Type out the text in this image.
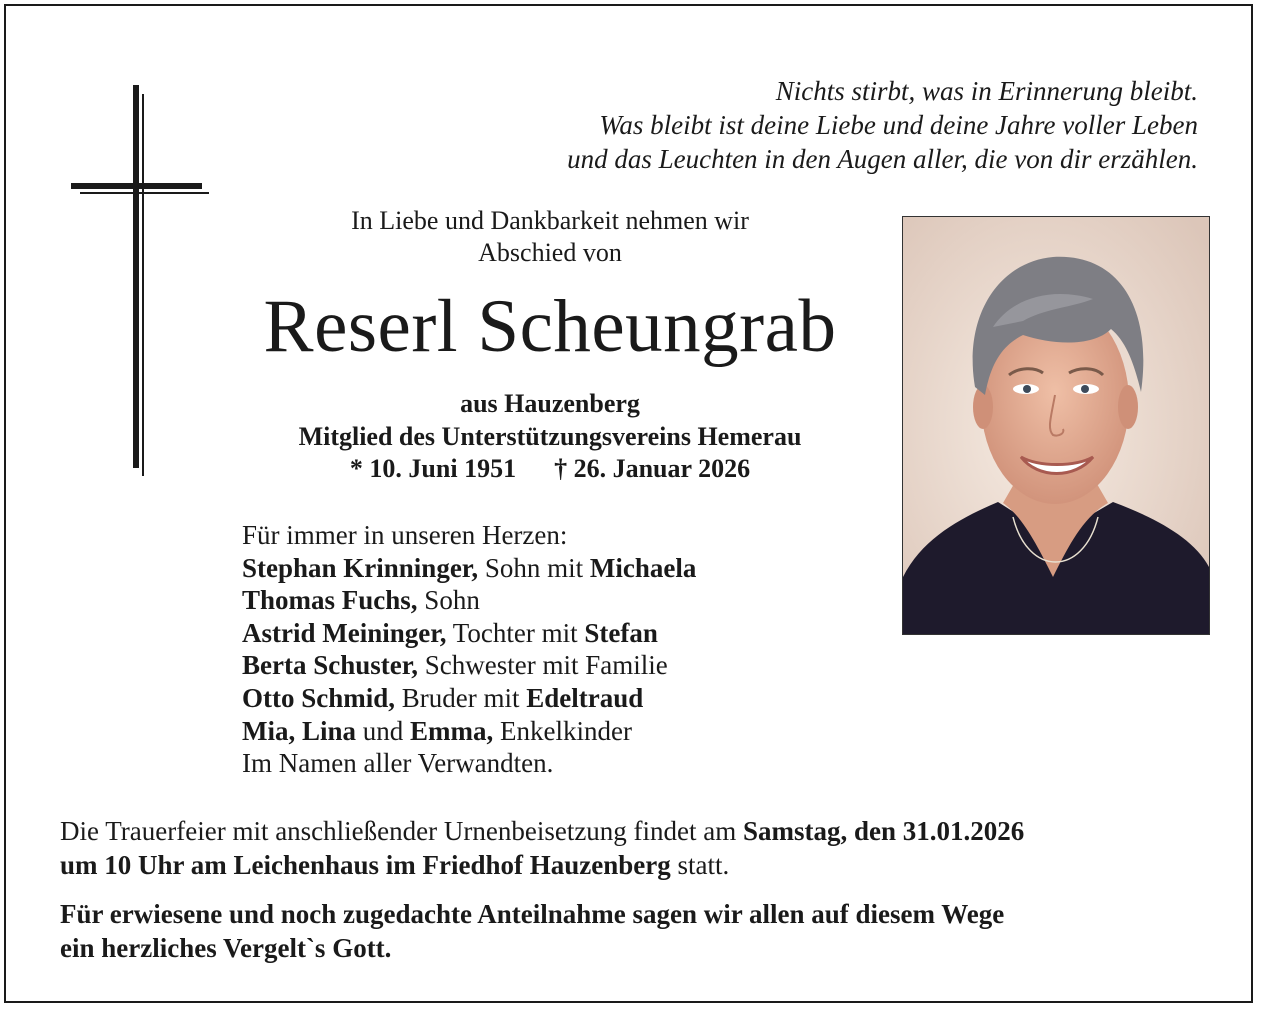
Nichts stirbt, was in Erinnerung bleibt.
Was bleibt ist deine Liebe und deine Jahre voller Leben
und das Leuchten in den Augen aller, die von dir erzählen.
In Liebe und Dankbarkeit nehmen wir
Abschied von
Reserl Scheungrab
aus Hauzenberg
Mitglied des Unterstützungsvereins Hemerau
* 10. Juni 1951 † 26. Januar 2026
Für immer in unseren Herzen:
Stephan Krinninger, Sohn mit Michaela
Thomas Fuchs, Sohn
Astrid Meininger, Tochter mit Stefan
Berta Schuster, Schwester mit Familie
Otto Schmid, Bruder mit Edeltraud
Mia, Lina und Emma, Enkelkinder
Im Namen aller Verwandten.
Die Trauerfeier mit anschließender Urnenbeisetzung findet am Samstag, den 31.01.2026
um 10 Uhr am Leichenhaus im Friedhof Hauzenberg statt.
Für erwiesene und noch zugedachte Anteilnahme sagen wir allen auf diesem Wege
ein herzliches Vergelt`s Gott.
